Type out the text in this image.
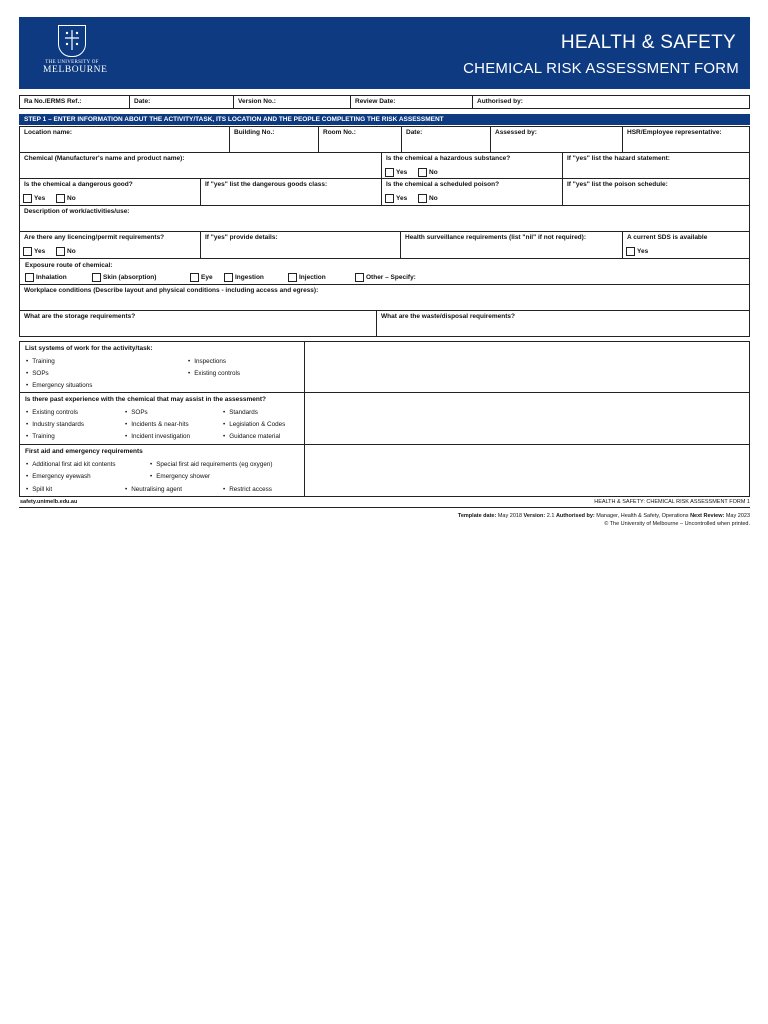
THE UNIVERSITY OF
MELBOURNE
HEALTH & SAFETY
CHEMICAL RISK ASSESSMENT FORM
Ra No./ERMS Ref.:	Date:	Version No.:	Review Date:	Authorised by:
STEP 1 – ENTER INFORMATION ABOUT THE ACTIVITY/TASK, ITS LOCATION AND THE PEOPLE COMPLETING THE RISK ASSESSMENT
Location name:	Building No.:	Room No.:	Date:	Assessed by:	HSR/Employee representative:
Chemical (Manufacturer's name and product name):	Is the chemical a hazardous substance?
Yes	No
If "yes" list the hazard statement:
Is the chemical a dangerous good?
Yes	No
If "yes" list the dangerous goods class:	Is the chemical a scheduled poison?
Yes	No
If "yes" list the poison schedule:
Description of work/activities/use:
Are there any licencing/permit requirements?
Yes	No
If "yes" provide details:	Health surveillance requirements (list "nil" if not required):	A current SDS is available
Yes
Exposure route of chemical:
Inhalation	Skin (absorption)	Eye	Ingestion	Injection	Other – Specify:
Workplace conditions (Describe layout and physical conditions - including access and egress):
What are the storage requirements?	What are the waste/disposal requirements?
List systems of work for the activity/task:
• Training	• Inspections
• SOPs	• Existing controls
• Emergency situations
Is there past experience with the chemical that may assist in the assessment?
• Existing controls	• SOPs	• Standards
• Industry standards	• Incidents & near-hits	• Legislation & Codes
• Training	• Incident investigation	• Guidance material
First aid and emergency requirements
• Additional first aid kit contents	• Special first aid requirements (eg oxygen)
• Emergency eyewash	• Emergency shower
• Spill kit	• Neutralising agent	• Restrict access
safety.unimelb.edu.au	HEALTH & SAFETY: CHEMICAL RISK ASSESSMENT FORM 1
Template date: May 2018 Version: 2.1 Authorised by: Manager, Health & Safety, Operations Next Review: May 2023
© The University of Melbourne – Uncontrolled when printed.
